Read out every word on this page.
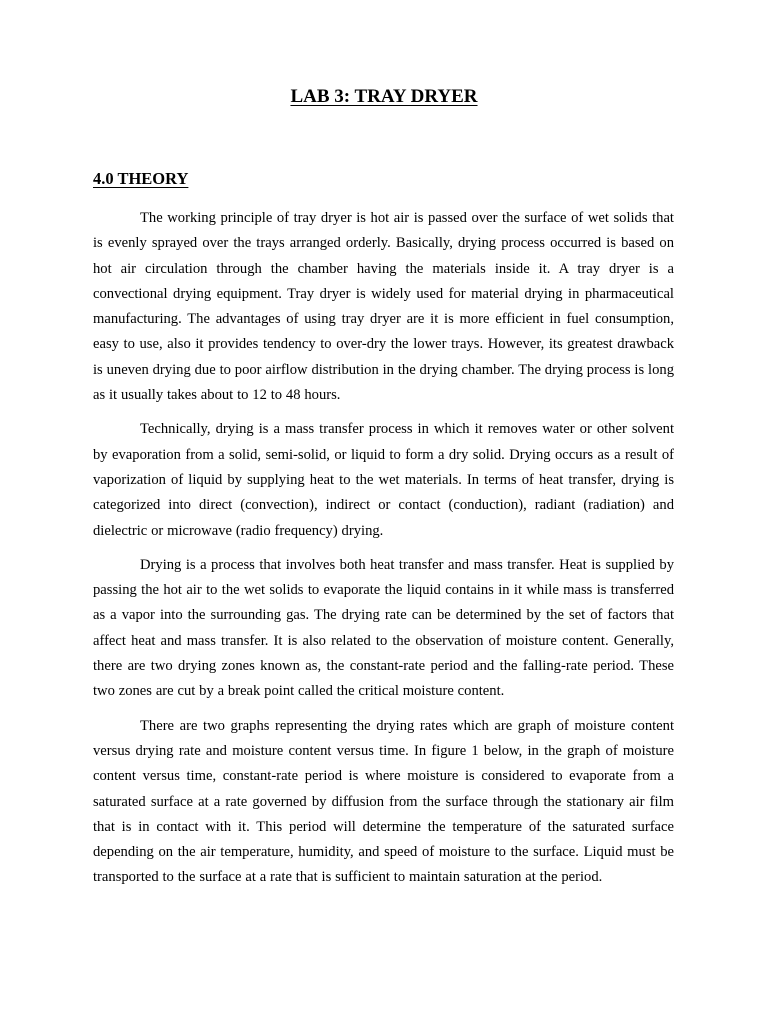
LAB 3: TRAY DRYER
4.0 THEORY

The working principle of tray dryer is hot air is passed over the surface of wet solids that is evenly sprayed over the trays arranged orderly. Basically, drying process occurred is based on hot air circulation through the chamber having the materials inside it. A tray dryer is a convectional drying equipment. Tray dryer is widely used for material drying in pharmaceutical manufacturing. The advantages of using tray dryer are it is more efficient in fuel consumption, easy to use, also it provides tendency to over-dry the lower trays. However, its greatest drawback is uneven drying due to poor airflow distribution in the drying chamber. The drying process is long as it usually takes about to 12 to 48 hours.

Technically, drying is a mass transfer process in which it removes water or other solvent by evaporation from a solid, semi-solid, or liquid to form a dry solid. Drying occurs as a result of vaporization of liquid by supplying heat to the wet materials. In terms of heat transfer, drying is categorized into direct (convection), indirect or contact (conduction), radiant (radiation) and dielectric or microwave (radio frequency) drying.

Drying is a process that involves both heat transfer and mass transfer. Heat is supplied by passing the hot air to the wet solids to evaporate the liquid contains in it while mass is transferred as a vapor into the surrounding gas. The drying rate can be determined by the set of factors that affect heat and mass transfer. It is also related to the observation of moisture content. Generally, there are two drying zones known as, the constant-rate period and the falling-rate period. These two zones are cut by a break point called the critical moisture content.

There are two graphs representing the drying rates which are graph of moisture content versus drying rate and moisture content versus time. In figure 1 below, in the graph of moisture content versus time, constant-rate period is where moisture is considered to evaporate from a saturated surface at a rate governed by diffusion from the surface through the stationary air film that is in contact with it. This period will determine the temperature of the saturated surface depending on the air temperature, humidity, and speed of moisture to the surface. Liquid must be transported to the surface at a rate that is sufficient to maintain saturation at the period.
